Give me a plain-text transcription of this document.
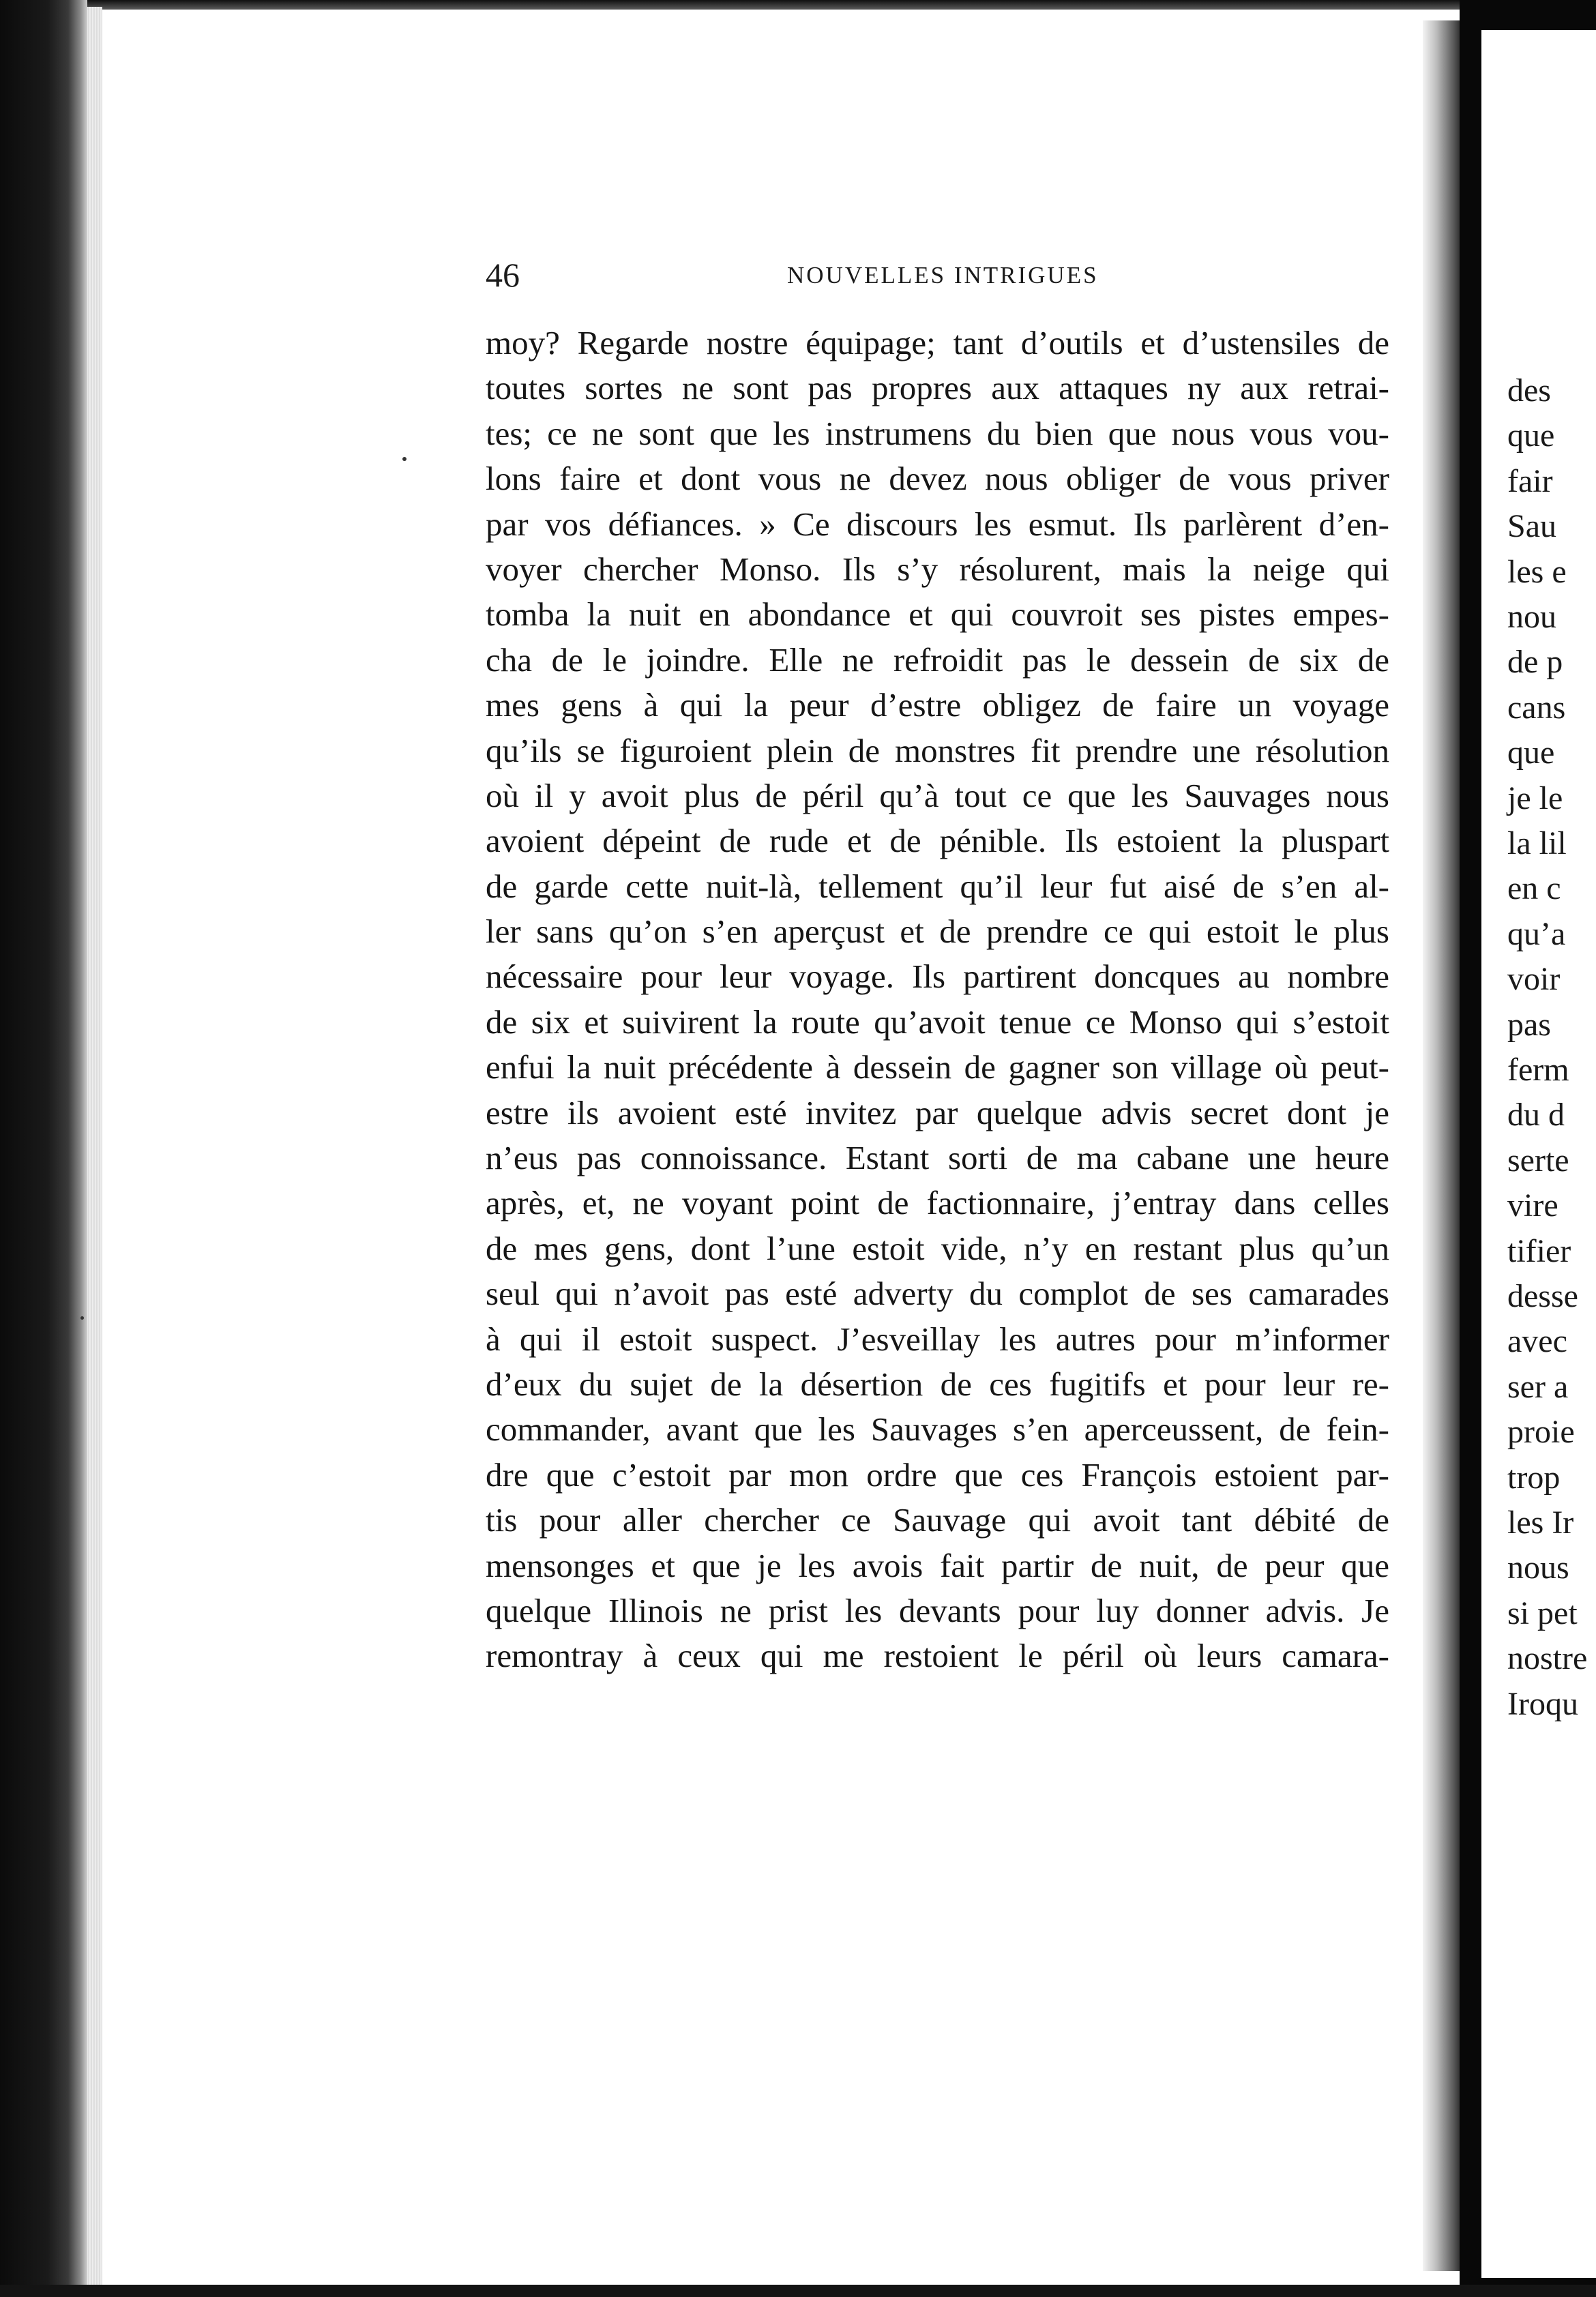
des
que
fair
Sau
les e
nou
de p
cans
que
je le
la lil
en c
qu’a
voir
pas
ferm
du d
serte
vire
tifier
desse
avec
ser a
proie
trop
les Ir
nous
si pet
nostre
Iroqu
46	NOUVELLES INTRIGUES
moy? Regarde nostre équipage; tant d’outils et d’ustensiles de
toutes sortes ne sont pas propres aux attaques ny aux retrai-
tes; ce ne sont que les instrumens du bien que nous vous vou-
lons faire et dont vous ne devez nous obliger de vous priver
par vos défiances. » Ce discours les esmut. Ils parlèrent d’en-
voyer chercher Monso. Ils s’y résolurent, mais la neige qui
tomba la nuit en abondance et qui couvroit ses pistes empes-
cha de le joindre. Elle ne refroidit pas le dessein de six de
mes gens à qui la peur d’estre obligez de faire un voyage
qu’ils se figuroient plein de monstres fit prendre une résolution
où il y avoit plus de péril qu’à tout ce que les Sauvages nous
avoient dépeint de rude et de pénible. Ils estoient la pluspart
de garde cette nuit-là, tellement qu’il leur fut aisé de s’en al-
ler sans qu’on s’en aperçust et de prendre ce qui estoit le plus
nécessaire pour leur voyage. Ils partirent doncques au nombre
de six et suivirent la route qu’avoit tenue ce Monso qui s’estoit
enfui la nuit précédente à dessein de gagner son village où peut-
estre ils avoient esté invitez par quelque advis secret dont je
n’eus pas connoissance. Estant sorti de ma cabane une heure
après, et, ne voyant point de factionnaire, j’entray dans celles
de mes gens, dont l’une estoit vide, n’y en restant plus qu’un
seul qui n’avoit pas esté adverty du complot de ses camarades
à qui il estoit suspect. J’esveillay les autres pour m’informer
d’eux du sujet de la désertion de ces fugitifs et pour leur re-
commander, avant que les Sauvages s’en aperceussent, de fein-
dre que c’estoit par mon ordre que ces François estoient par-
tis pour aller chercher ce Sauvage qui avoit tant débité de
mensonges et que je les avois fait partir de nuit, de peur que
quelque Illinois ne prist les devants pour luy donner advis. Je
remontray à ceux qui me restoient le péril où leurs camara-
